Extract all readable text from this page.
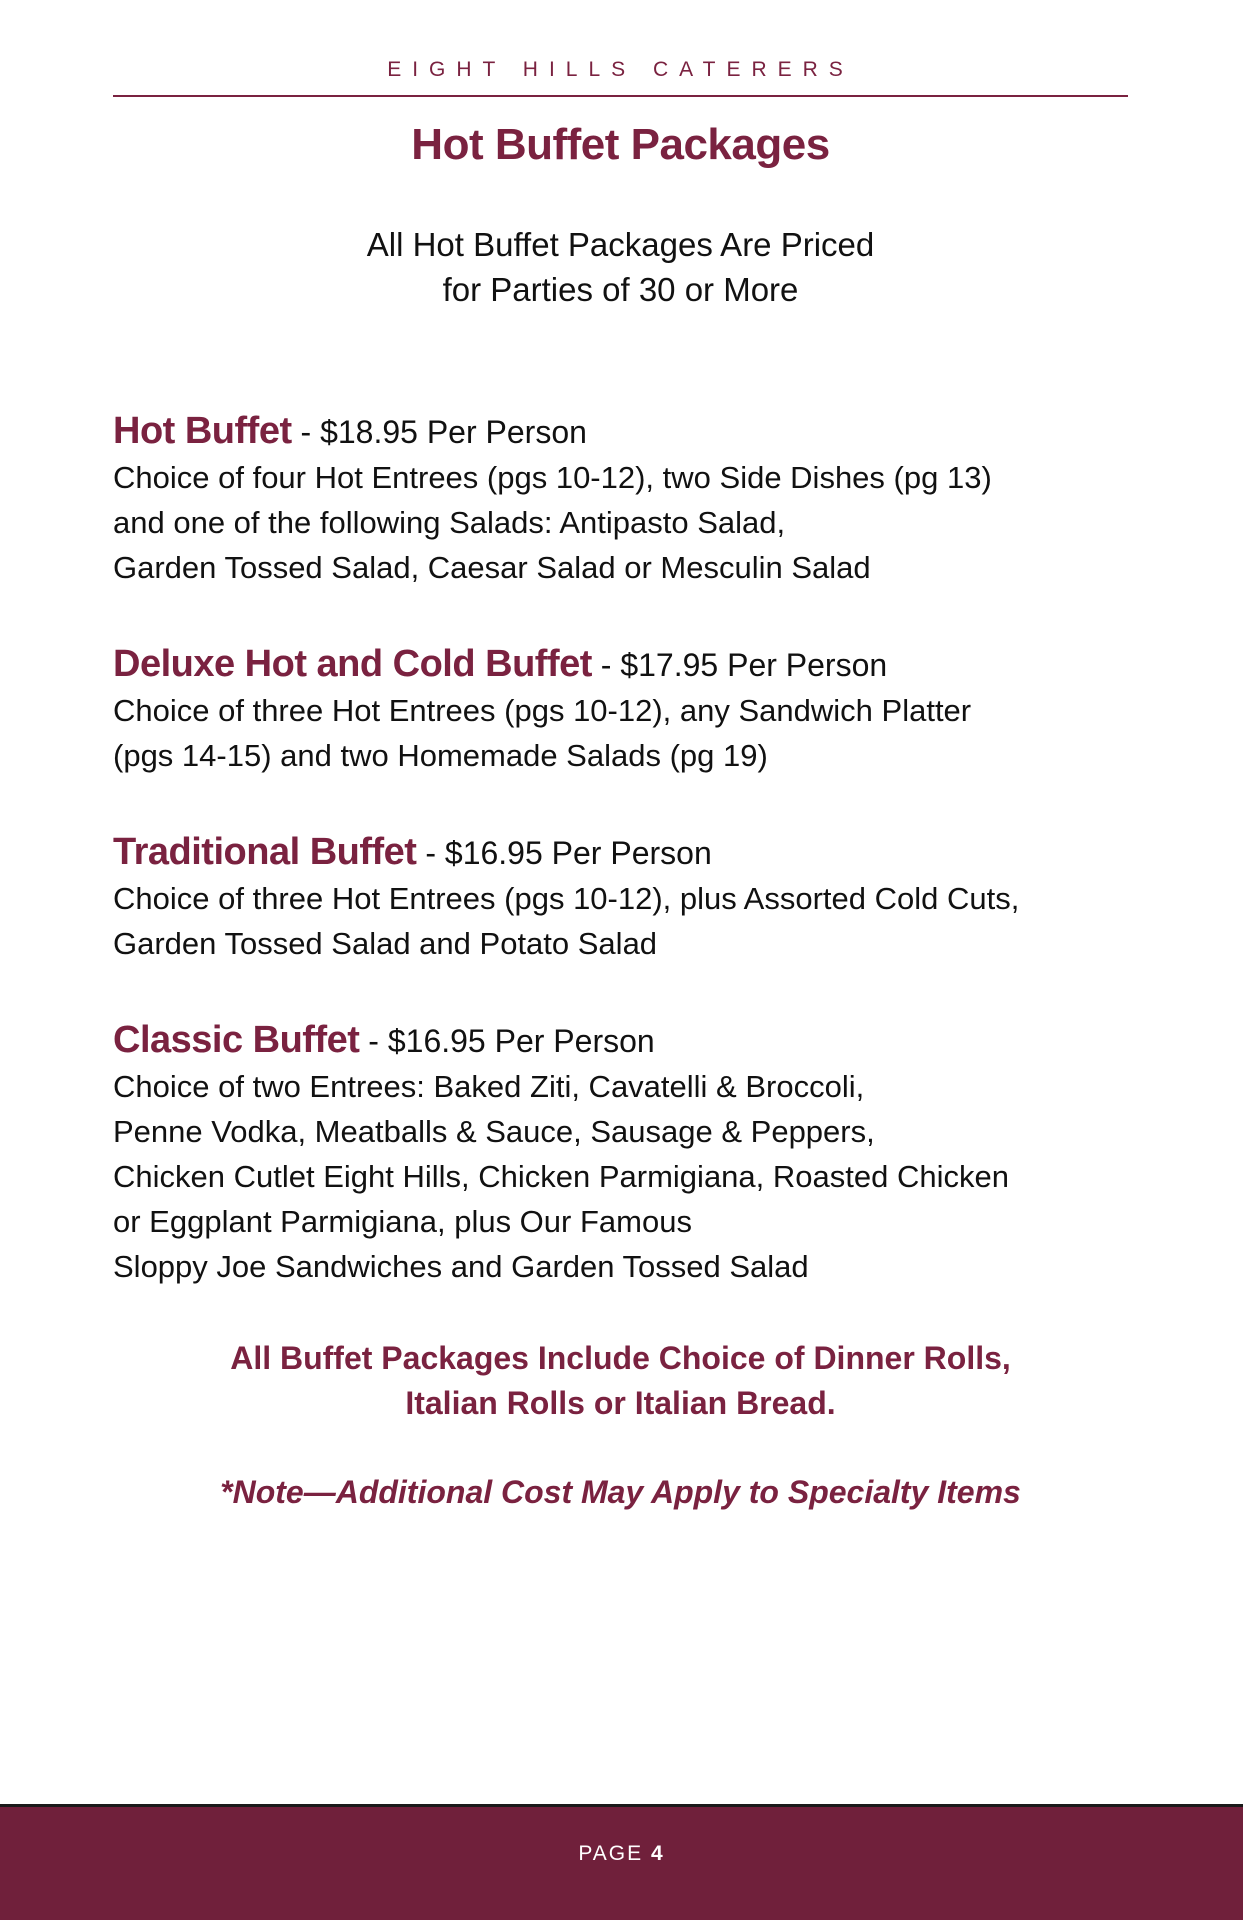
EIGHT HILLS CATERERS
Hot Buffet Packages
All Hot Buffet Packages Are Priced
for Parties of 30 or More
Hot Buffet - $18.95 Per Person
Choice of four Hot Entrees (pgs 10-12), two Side Dishes (pg 13)
and one of the following Salads: Antipasto Salad,
Garden Tossed Salad, Caesar Salad or Mesculin Salad
Deluxe Hot and Cold Buffet - $17.95 Per Person
Choice of three Hot Entrees (pgs 10-12), any Sandwich Platter
(pgs 14-15) and two Homemade Salads (pg 19)
Traditional Buffet - $16.95 Per Person
Choice of three Hot Entrees (pgs 10-12), plus Assorted Cold Cuts,
Garden Tossed Salad and Potato Salad
Classic Buffet - $16.95 Per Person
Choice of two Entrees: Baked Ziti, Cavatelli & Broccoli,
Penne Vodka, Meatballs & Sauce, Sausage & Peppers,
Chicken Cutlet Eight Hills, Chicken Parmigiana, Roasted Chicken
or Eggplant Parmigiana, plus Our Famous
Sloppy Joe Sandwiches and Garden Tossed Salad
All Buffet Packages Include Choice of Dinner Rolls,
Italian Rolls or Italian Bread.
*Note—Additional Cost May Apply to Specialty Items
PAGE 4
